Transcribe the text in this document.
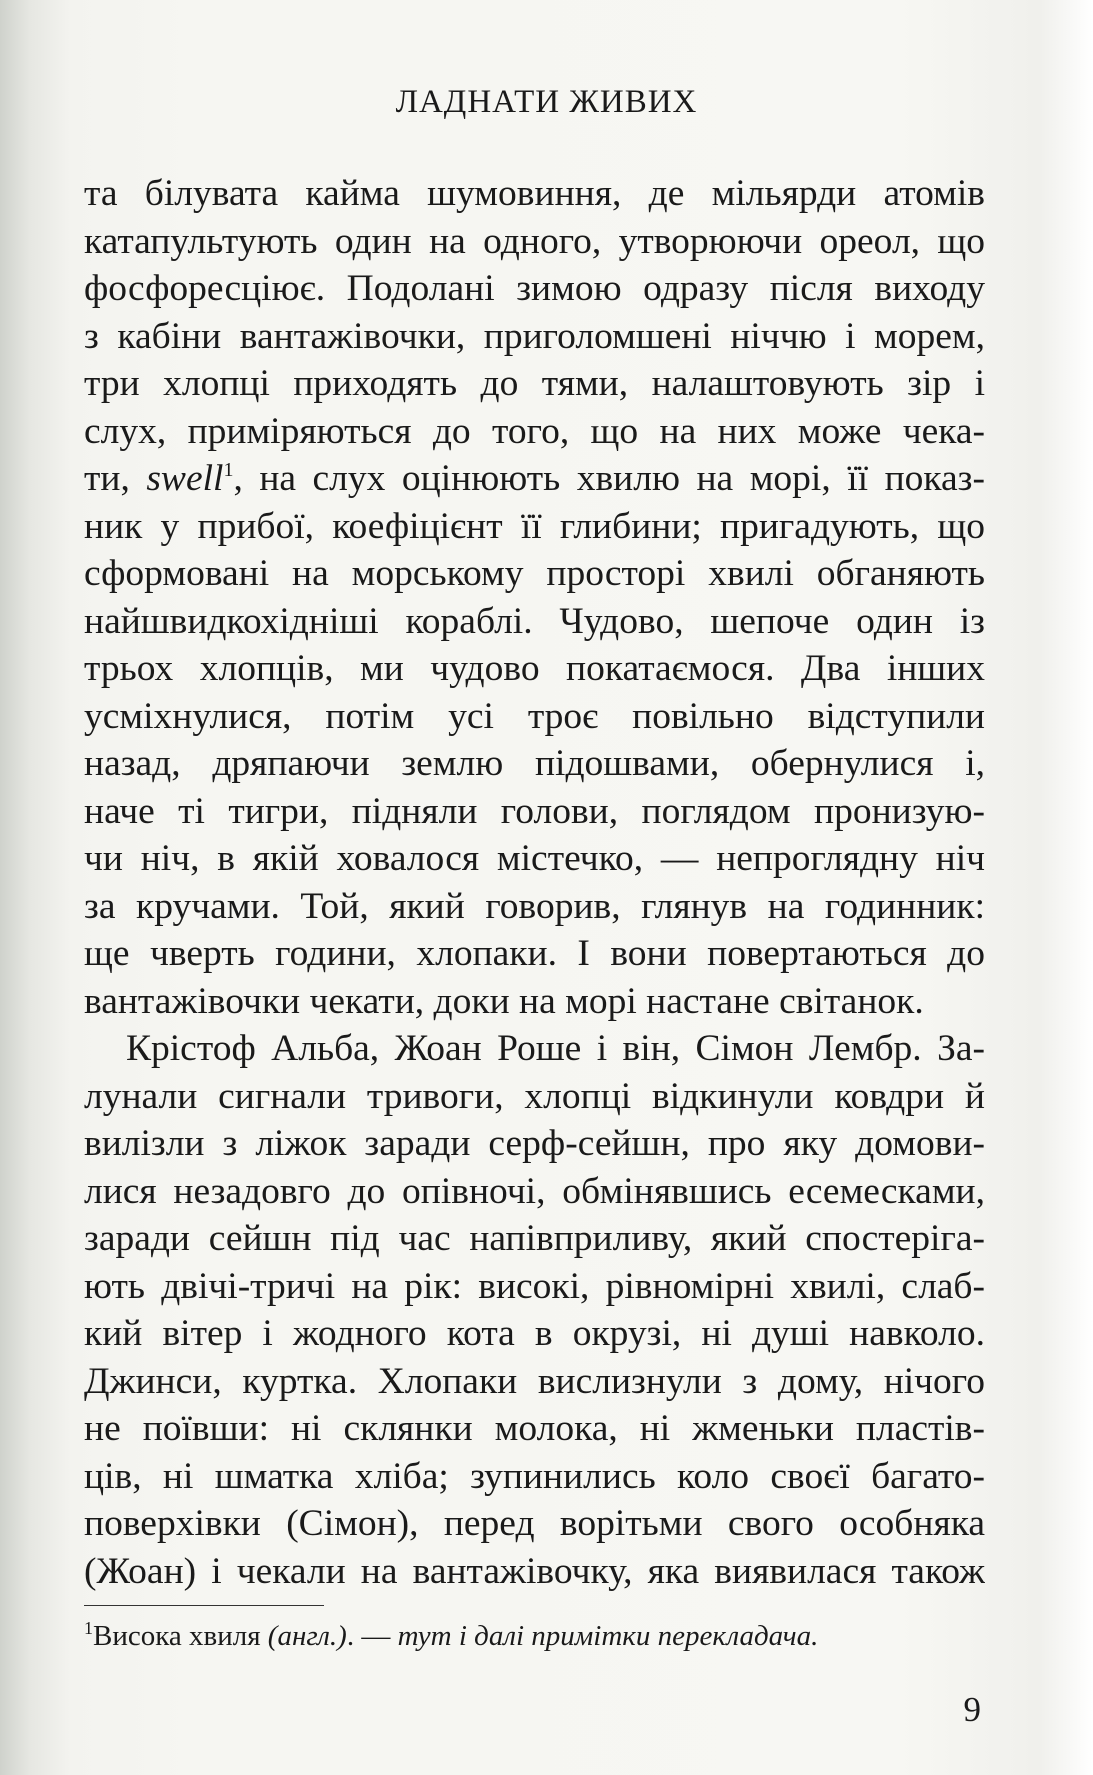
ЛАДНАТИ ЖИВИХ
та білувата кайма шумовиння, де мільярди атомів
катапультують один на одного, утворюючи ореол, що
фосфоресціює. Подолані зимою одразу після виходу
з кабіни вантажівочки, приголомшені ніччю і морем,
три хлопці приходять до тями, налаштовують зір і
слух, приміряються до того, що на них може чека-
ти, swell$^1$, на слух оцінюють хвилю на морі, її показ-
ник у прибої, коефіцієнт її глибини; пригадують, що
сформовані на морському просторі хвилі обганяють
найшвидкохідніші кораблі. Чудово, шепоче один із
трьох хлопців, ми чудово покатаємося. Два інших
усміхнулися, потім усі троє повільно відступили
назад, дряпаючи землю підошвами, обернулися і,
наче ті тигри, підняли голови, поглядом пронизую-
чи ніч, в якій ховалося містечко, — непроглядну ніч
за кручами. Той, який говорив, глянув на годинник:
ще чверть години, хлопаки. І вони повертаються до
вантажівочки чекати, доки на морі настане світанок.
Крістоф Альба, Жоан Роше і він, Сімон Лембр. За-
лунали сигнали тривоги, хлопці відкинули ковдри й
вилізли з ліжок заради серф-сейшн, про яку домови-
лися незадовго до опівночі, обмінявшись есемесками,
заради сейшн під час напівприливу, який спостеріга-
ють двічі-тричі на рік: високі, рівномірні хвилі, слаб-
кий вітер і жодного кота в окрузі, ні душі навколо.
Джинси, куртка. Хлопаки вислизнули з дому, нічого
не поївши: ні склянки молока, ні жменьки пластів-
ців, ні шматка хліба; зупинились коло своєї багато-
поверхівки (Сімон), перед ворітьми свого особняка
(Жоан) і чекали на вантажівочку, яка виявилася також
$^1$Висока хвиля (англ.). — тут і далі примітки перекладача.
9
